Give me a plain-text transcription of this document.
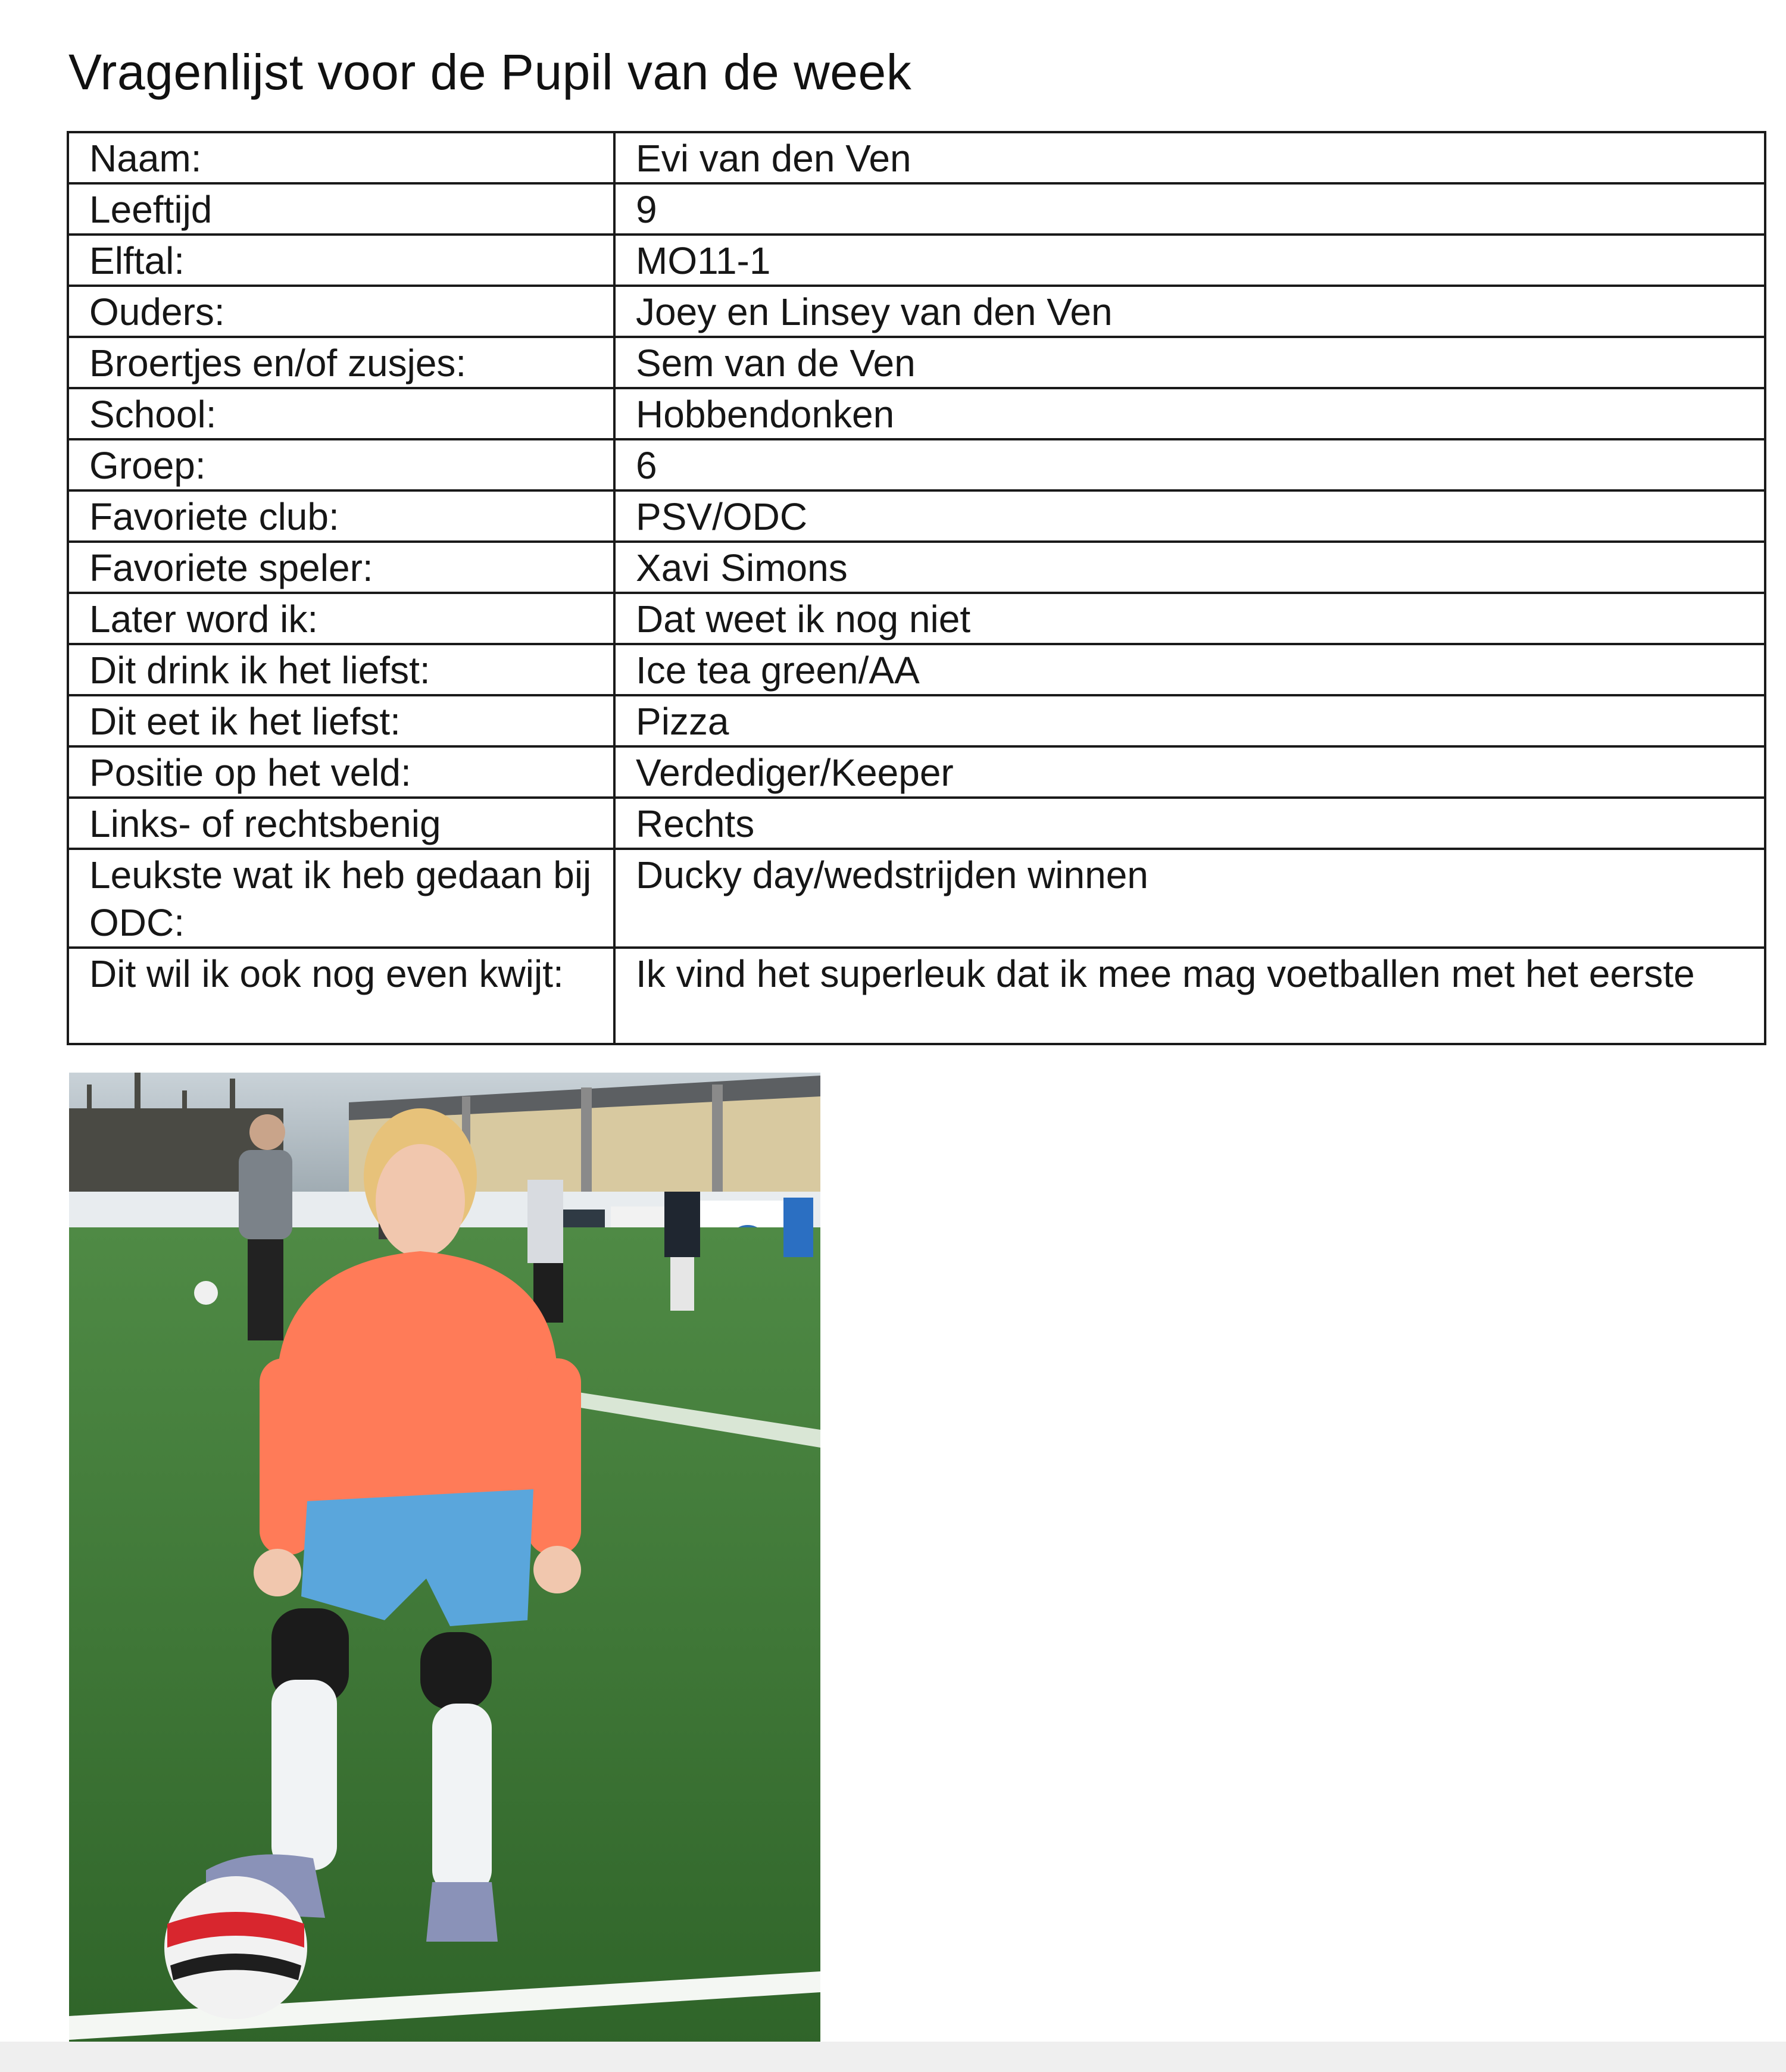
Vragenlijst voor de Pupil van de week
Naam:	Evi van den Ven
Leeftijd	9
Elftal:	MO11-1
Ouders:	Joey en Linsey van den Ven
Broertjes en/of zusjes:	Sem van de Ven
School:	Hobbendonken
Groep:	6
Favoriete club:	PSV/ODC
Favoriete speler:	Xavi Simons
Later word ik:	Dat weet ik nog niet
Dit drink ik het liefst:	Ice tea green/AA
Dit eet ik het liefst:	Pizza
Positie op het veld:	Verdediger/Keeper
Links- of rechtsbenig	Rechts
Leukste wat ik heb gedaan bij ODC:	Ducky day/wedstrijden winnen
Dit wil ik ook nog even kwijt:	Ik vind het superleuk dat ik mee mag voetballen met het eerste
